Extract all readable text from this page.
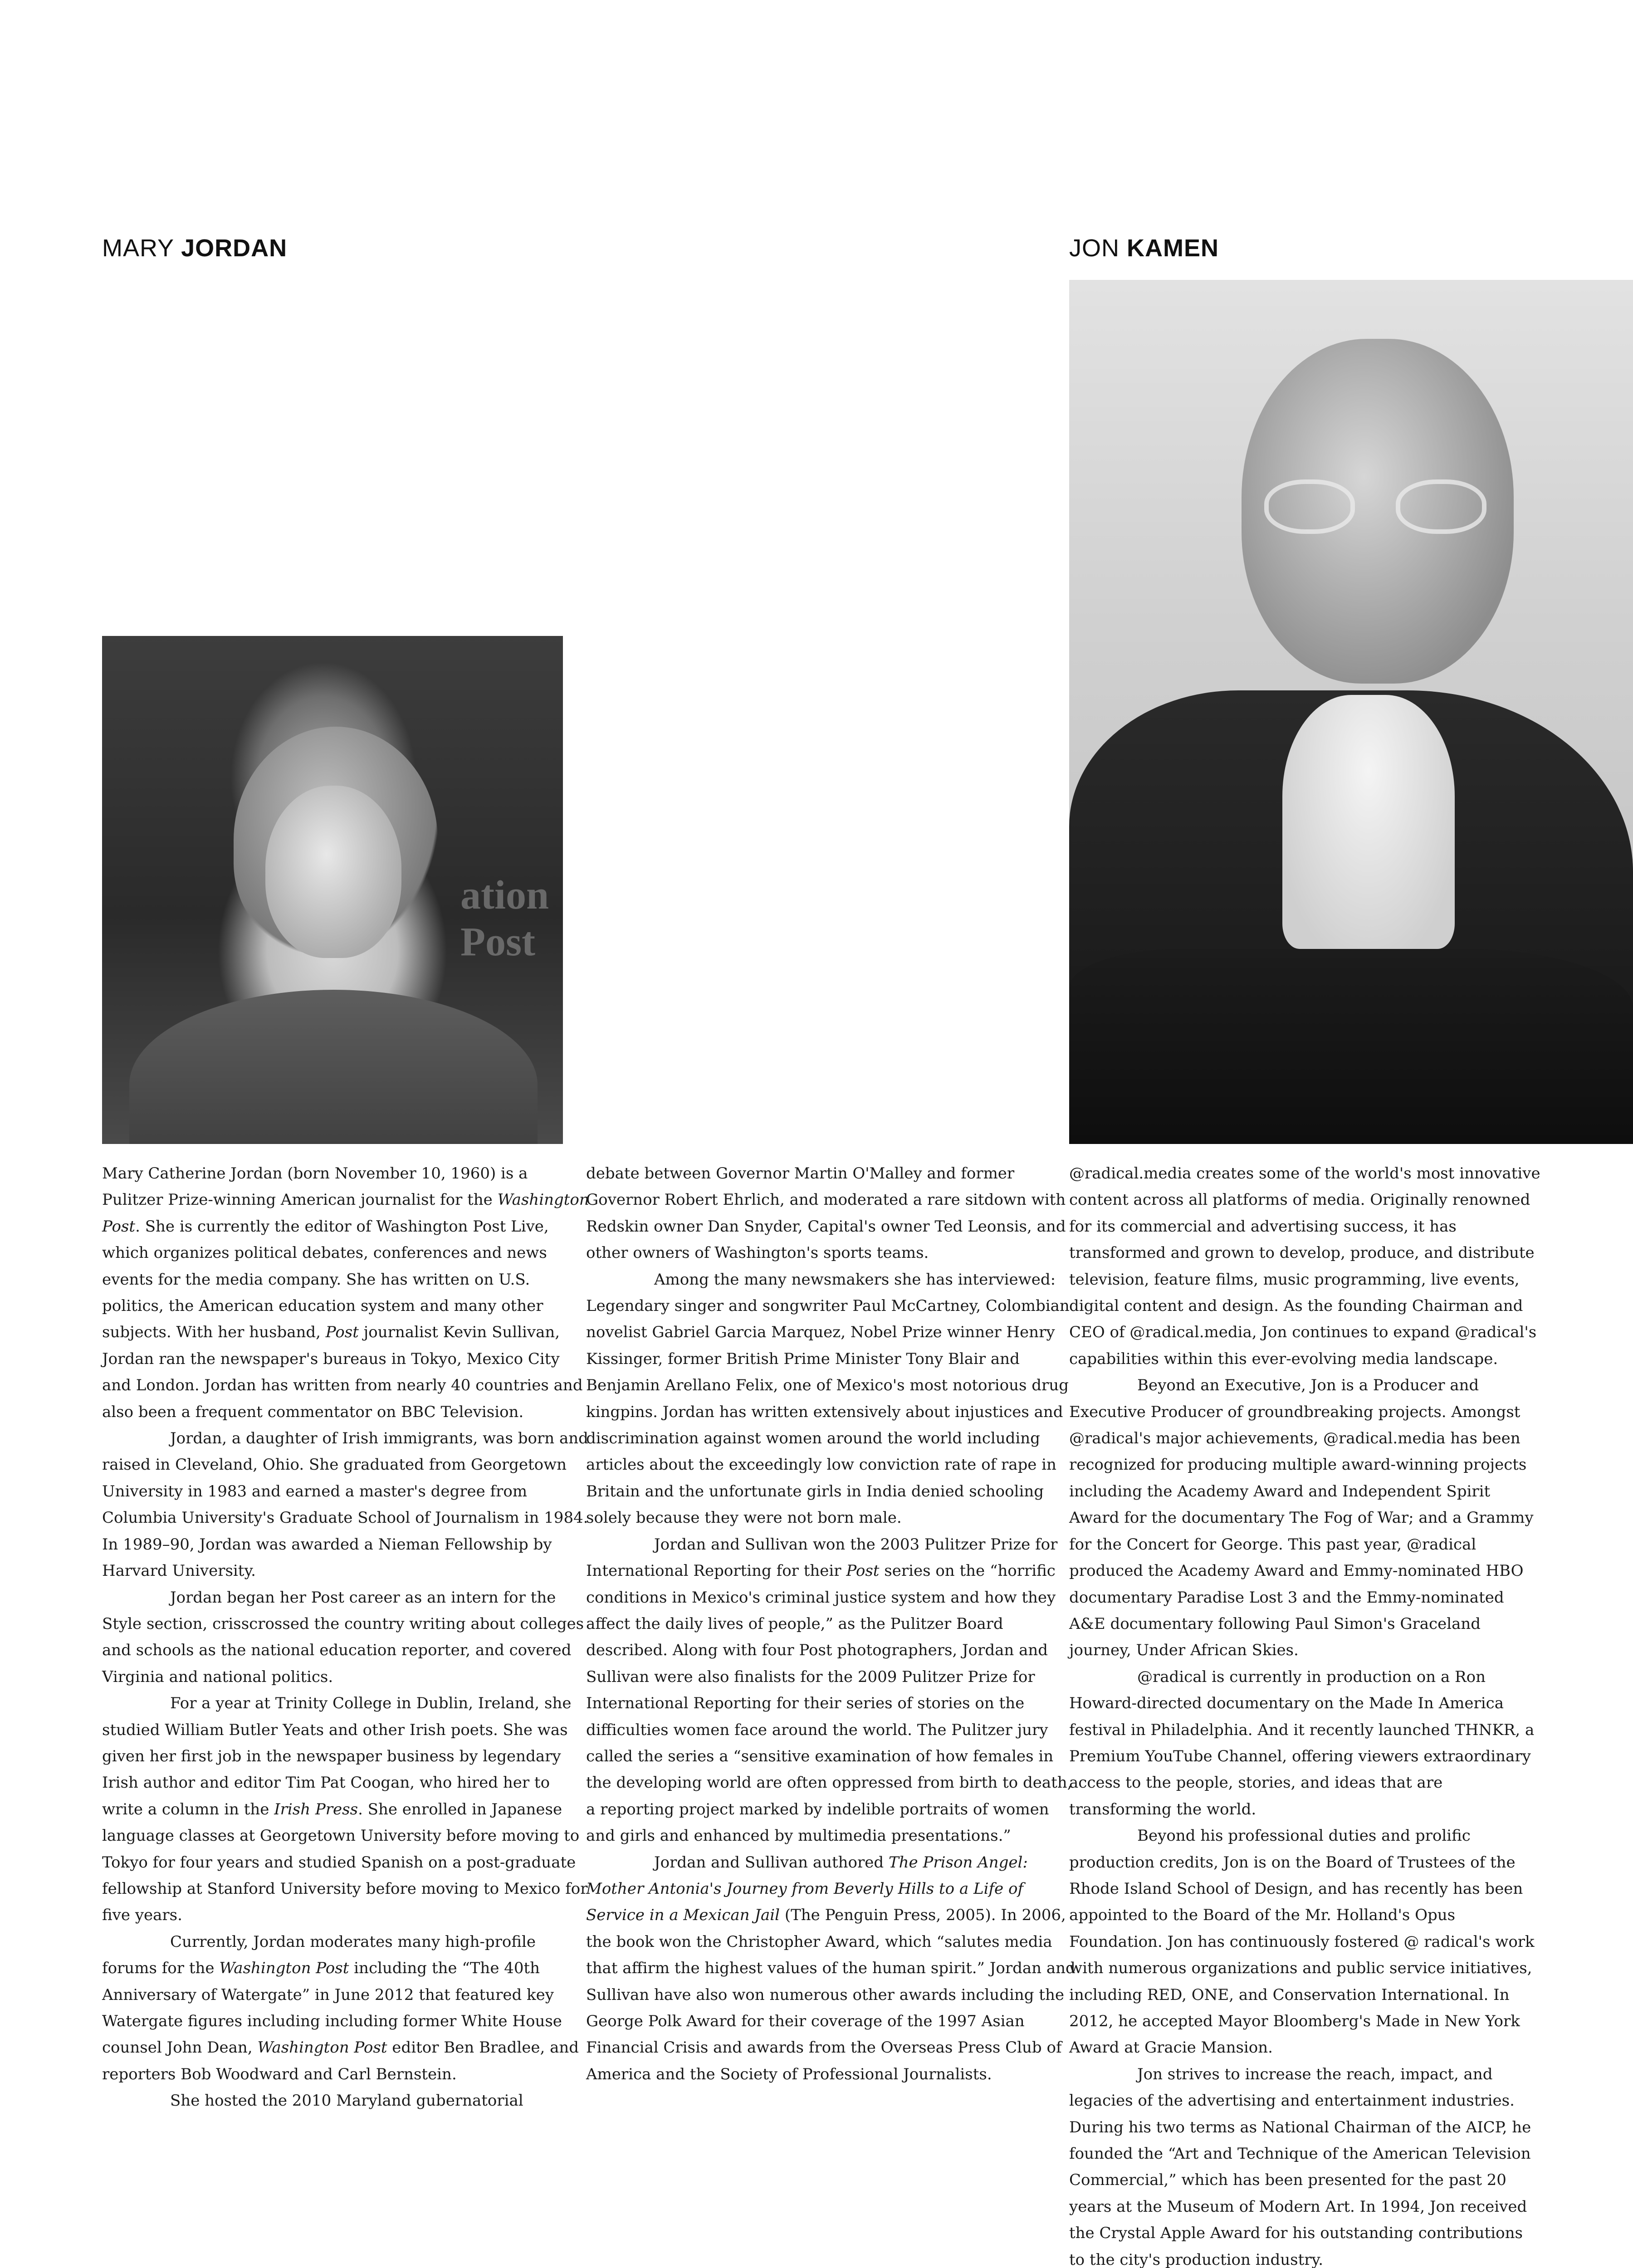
MARY JORDAN	JON KAMEN
ation
Post

Mary Catherine Jordan (born November 10, 1960) is a Pulitzer Prize-winning American journalist for the Washington Post. She is currently the editor of Washington Post Live, which organizes political debates, conferences and news events for the media company. She has written on U.S. politics, the American education system and many other subjects. With her husband, Post journalist Kevin Sullivan, Jordan ran the newspaper's bureaus in Tokyo, Mexico City and London. Jordan has written from nearly 40 countries and also been a frequent commentator on BBC Television.

Jordan, a daughter of Irish immigrants, was born and raised in Cleveland, Ohio. She graduated from Georgetown University in 1983 and earned a master's degree from Columbia University's Graduate School of Journalism in 1984. In 1989–90, Jordan was awarded a Nieman Fellowship by Harvard University.

Jordan began her Post career as an intern for the Style section, crisscrossed the country writing about colleges and schools as the national education reporter, and covered Virginia and national politics.

For a year at Trinity College in Dublin, Ireland, she studied William Butler Yeats and other Irish poets. She was given her first job in the newspaper business by legendary Irish author and editor Tim Pat Coogan, who hired her to write a column in the Irish Press. She enrolled in Japanese language classes at Georgetown University before moving to Tokyo for four years and studied Spanish on a post-graduate fellowship at Stanford University before moving to Mexico for five years.

Currently, Jordan moderates many high-profile forums for the Washington Post including the “The 40th Anniversary of Watergate” in June 2012 that featured key Watergate figures including including former White House counsel John Dean, Washington Post editor Ben Bradlee, and reporters Bob Woodward and Carl Bernstein.

She hosted the 2010 Maryland gubernatorial

debate between Governor Martin O'Malley and former Governor Robert Ehrlich, and moderated a rare sitdown with Redskin owner Dan Snyder, Capital's owner Ted Leonsis, and other owners of Washington's sports teams.

Among the many newsmakers she has interviewed: Legendary singer and songwriter Paul McCartney, Colombian novelist Gabriel Garcia Marquez, Nobel Prize winner Henry Kissinger, former British Prime Minister Tony Blair and Benjamin Arellano Felix, one of Mexico's most notorious drug kingpins. Jordan has written extensively about injustices and discrimination against women around the world including articles about the exceedingly low conviction rate of rape in Britain and the unfortunate girls in India denied schooling solely because they were not born male.

Jordan and Sullivan won the 2003 Pulitzer Prize for International Reporting for their Post series on the “horrific conditions in Mexico's criminal justice system and how they affect the daily lives of people,” as the Pulitzer Board described. Along with four Post photographers, Jordan and Sullivan were also finalists for the 2009 Pulitzer Prize for International Reporting for their series of stories on the difficulties women face around the world. The Pulitzer jury called the series a “sensitive examination of how females in the developing world are often oppressed from birth to death, a reporting project marked by indelible portraits of women and girls and enhanced by multimedia presentations.”

Jordan and Sullivan authored The Prison Angel: Mother Antonia's Journey from Beverly Hills to a Life of Service in a Mexican Jail (The Penguin Press, 2005). In 2006, the book won the Christopher Award, which “salutes media that affirm the highest values of the human spirit.” Jordan and Sullivan have also won numerous other awards including the George Polk Award for their coverage of the 1997 Asian Financial Crisis and awards from the Overseas Press Club of America and the Society of Professional Journalists.

@radical.media creates some of the world's most innovative content across all platforms of media. Originally renowned for its commercial and advertising success, it has transformed and grown to develop, produce, and distribute television, feature films, music programming, live events, digital content and design. As the founding Chairman and CEO of @radical.media, Jon continues to expand @radical's capabilities within this ever-evolving media landscape.

Beyond an Executive, Jon is a Producer and Executive Producer of groundbreaking projects. Amongst @radical's major achievements, @radical.media has been recognized for producing multiple award-winning projects including the Academy Award and Independent Spirit Award for the documentary The Fog of War; and a Grammy for the Concert for George. This past year, @radical produced the Academy Award and Emmy-nominated HBO documentary Paradise Lost 3 and the Emmy-nominated A&E documentary following Paul Simon's Graceland journey, Under African Skies.

@radical is currently in production on a Ron Howard-directed documentary on the Made In America festival in Philadelphia. And it recently launched THNKR, a Premium YouTube Channel, offering viewers extraordinary access to the people, stories, and ideas that are transforming the world.

Beyond his professional duties and prolific production credits, Jon is on the Board of Trustees of the Rhode Island School of Design, and has recently has been appointed to the Board of the Mr. Holland's Opus Foundation. Jon has continuously fostered @ radical's work with numerous organizations and public service initiatives, including RED, ONE, and Conservation International. In 2012, he accepted Mayor Bloomberg's Made in New York Award at Gracie Mansion.

Jon strives to increase the reach, impact, and legacies of the advertising and entertainment industries. During his two terms as National Chairman of the AICP, he founded the “Art and Technique of the American Television Commercial,” which has been presented for the past 20 years at the Museum of Modern Art. In 1994, Jon received the Crystal Apple Award for his outstanding contributions to the city's production industry.
